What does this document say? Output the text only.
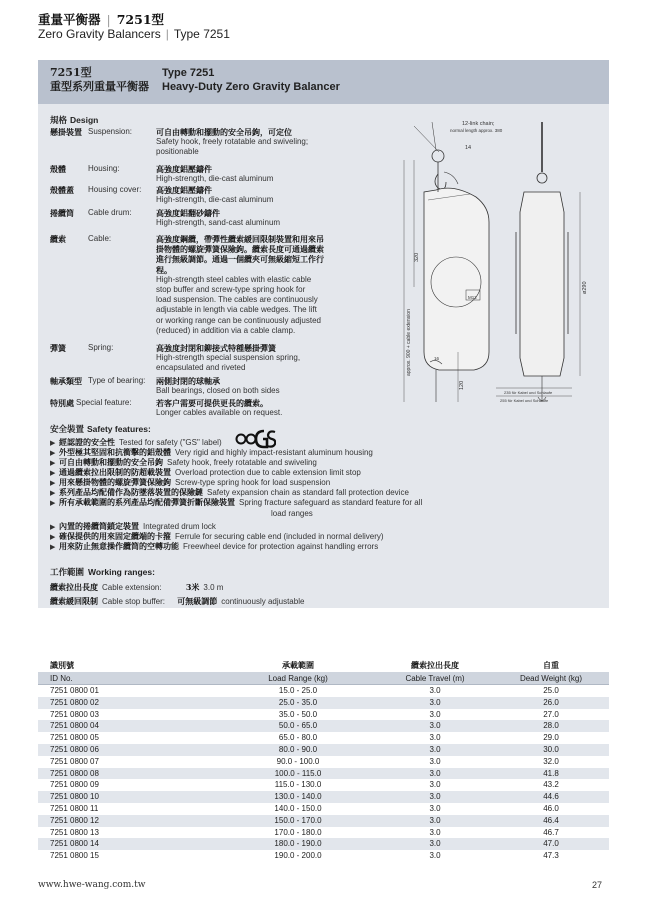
重量平衡器 | 7251型
Zero Gravity Balancers | Type 7251
7251型
重型系列重量平衡器
Type 7251
Heavy-Duty Zero Gravity Balancer
規格 Design
懸掛裝置 Suspension:	可自由轉動和擺動的安全吊鉤，可定位
Safety hook, freely rotatable and swiveling;
positionable
殼體	Housing:	高強度鋁壓鑄件
High-strength, die-cast aluminum
殼體蓋 Housing cover: 高強度鋁壓鑄件
High-strength, die-cast aluminum
捲纜筒 Cable drum:	高強度鋁翻砂鑄件
High-strength, sand-cast aluminum
纜索	Cable:	高強度鋼纜，帶彈性纜索緩回限制裝置和用來吊
掛物體的螺旋彈簧保險鉤。纜索長度可通過纜索
進行無級調節。通過一個纜夾可無級縮短工作行
程。
High-strength steel cables with elastic cable
stop buffer and screw-type spring hook for
load suspension. The cables are continuously
adjustable in length via cable wedges. The lift
or working range can be continuously adjusted
(reduced) in addition via a cable clamp.
彈簧	Spring:	高強度封閉和鉚接式特種懸掛彈簧
High-strength special suspension spring,
encapsulated and riveted
軸承類型 Type of bearing: 兩側封閉的球軸承
Ball bearings, closed on both sides
特別處 Special feature:	若客户需要可提供更長的纜索。
Longer cables available on request.
12-link chain;
normal length approx. 380
14
320
approx. 900 + cable extension
ø290
120
M12
16
235 für Kabel und Schlaufe
255 für Kabel und Schlaufe
安全裝置 Safety features:
▶ 經認證的安全性 Tested for safety ("GS" label)
▶ 外型極其堅固和抗衝擊的鋁殼體 Very rigid and highly impact-resistant aluminum housing
▶ 可自由轉動和擺動的安全吊鉤 Safety hook, freely rotatable and swiveling
▶ 通過纜索拉出限制的防超載裝置 Overload protection due to cable extension limit stop
▶ 用來懸掛物體的螺旋彈簧保險鉤 Screw-type spring hook for load suspension
▶ 系列產品均配備作為防墜落裝置的保險鏈 Safety expansion chain as standard fall protection device
▶ 所有承載範圍的系列產品均配備彈簧折斷保險裝置 Spring fracture safeguard as standard feature for all
load ranges
▶ 內置的捲纜筒鎖定裝置 Integrated drum lock
▶ 確保提供的用來固定纜端的卡箍 Ferrule for securing cable end (included in normal delivery)
▶ 用來防止無意操作纜筒的空轉功能 Freewheel device for protection against handling errors
工作範圍 Working ranges:
纜索拉出長度 Cable extension:	3米 3.0 m
纜索緩回限制 Cable stop buffer: 可無級調節 continuously adjustable
識別號	承載範圍	纜索拉出長度	自重
ID No.	Load Range (kg)	Cable Travel (m)	Dead Weight (kg)
7251 0800 01	15.0 - 25.0	3.0	25.0
7251 0800 02	25.0 - 35.0	3.0	26.0
7251 0800 03	35.0 - 50.0	3.0	27.0
7251 0800 04	50.0 - 65.0	3.0	28.0
7251 0800 05	65.0 - 80.0	3.0	29.0
7251 0800 06	80.0 - 90.0	3.0	30.0
7251 0800 07	90.0 - 100.0	3.0	32.0
7251 0800 08	100.0 - 115.0	3.0	41.8
7251 0800 09	115.0 - 130.0	3.0	43.2
7251 0800 10	130.0 - 140.0	3.0	44.6
7251 0800 11	140.0 - 150.0	3.0	46.0
7251 0800 12	150.0 - 170.0	3.0	46.4
7251 0800 13	170.0 - 180.0	3.0	46.7
7251 0800 14	180.0 - 190.0	3.0	47.0
7251 0800 15	190.0 - 200.0	3.0	47.3
www.hwe-wang.com.tw	27
